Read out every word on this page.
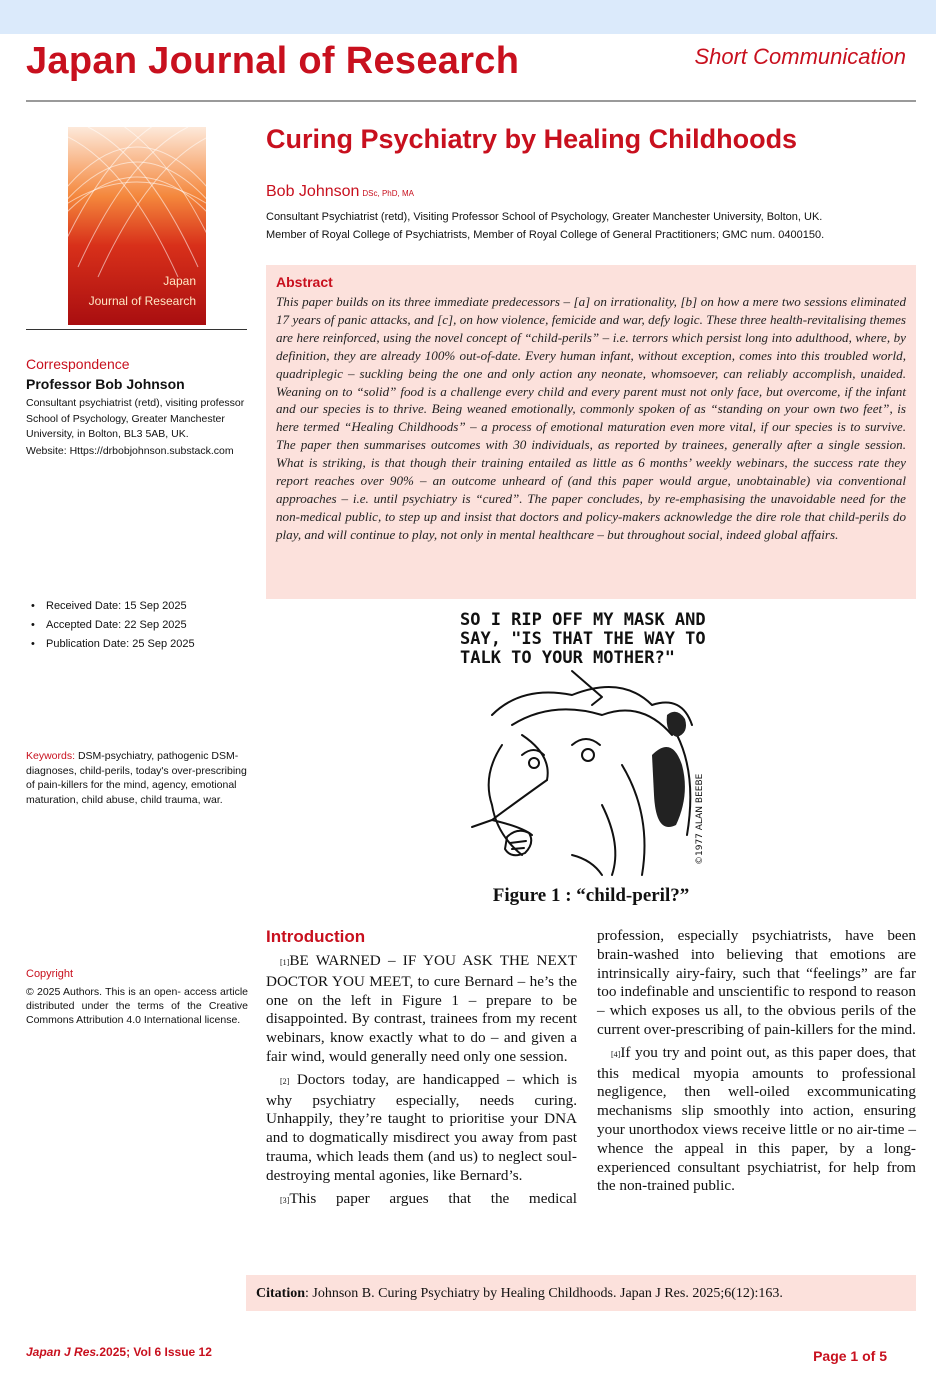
Japan Journal of Research	Short Communication
Japan
Journal of Research
Correspondence
Professor Bob Johnson

Consultant psychiatrist (retd), visiting professor School of Psychology, Greater Manchester University, in Bolton, BL3 5AB, UK.

Website: Https://drbobjohnson.substack.com

• Received Date: 15 Sep 2025
• Accepted Date: 22 Sep 2025
• Publication Date: 25 Sep 2025
Keywords: DSM-psychiatry, pathogenic DSM-diagnoses, child-perils, today's over-prescribing of pain-killers for the mind, agency, emotional maturation, child abuse, child trauma, war.
Copyright
© 2025 Authors. This is an open- access article distributed under the terms of the Creative Commons Attribution 4.0 International license.
Curing Psychiatry by Healing Childhoods
Bob Johnson DSc, PhD, MA
Consultant Psychiatrist (retd), Visiting Professor School of Psychology, Greater Manchester University, Bolton, UK.
Member of Royal College of Psychiatrists, Member of Royal College of General Practitioners; GMC num. 0400150.
Abstract

This paper builds on its three immediate predecessors – [a] on irrationality, [b] on how a mere two sessions eliminated 17 years of panic attacks, and [c], on how violence, femicide and war, defy logic. These three health-revitalising themes are here reinforced, using the novel concept of “child-perils” – i.e. terrors which persist long into adulthood, where, by definition, they are already 100% out-of-date. Every human infant, without exception, comes into this troubled world, quadriplegic – suckling being the one and only action any neonate, whomsoever, can reliably accomplish, unaided. Weaning on to “solid” food is a challenge every child and every parent must not only face, but overcome, if the infant and our species is to thrive. Being weaned emotionally, commonly spoken of as “standing on your own two feet”, is here termed “Healing Childhoods” – a process of emotional maturation even more vital, if our species is to survive. The paper then summarises outcomes with 30 individuals, as reported by trainees, generally after a single session. What is striking, is that though their training entailed as little as 6 months’ weekly webinars, the success rate they report reaches over 90% – an outcome unheard of (and this paper would argue, unobtainable) via conventional approaches – i.e. until psychiatry is “cured”. The paper concludes, by re-emphasising the unavoidable need for the non-medical public, to step up and insist that doctors and policy-makers acknowledge the dire role that child-perils do play, and will continue to play, not only in mental healthcare – but throughout social, indeed global affairs.

SO I RIP OFF MY MASK AND
SAY, "IS THAT THE WAY TO
TALK TO YOUR MOTHER?"
©1977 ALAN BEEBE
Figure 1 : “child-peril?”
Introduction

[1]BE WARNED – IF YOU ASK THE NEXT DOCTOR YOU MEET, to cure Bernard – he’s the one on the left in Figure 1 – prepare to be disappointed. By contrast, trainees from my recent webinars, know exactly what to do – and given a fair wind, would generally need only one session.

[2] Doctors today, are handicapped – which is why psychiatry especially, needs curing. Unhappily, they’re taught to prioritise your DNA and to dogmatically misdirect you away from past trauma, which leads them (and us) to neglect soul-destroying mental agonies, like Bernard’s.

[3]This paper argues that the medical

profession, especially psychiatrists, have been brain-washed into believing that emotions are intrinsically airy-fairy, such that “feelings” are far too indefinable and unscientific to respond to reason – which exposes us all, to the obvious perils of the current over-prescribing of pain-killers for the mind.

[4]If you try and point out, as this paper does, that this medical myopia amounts to professional negligence, then well-oiled excommunicating mechanisms slip smoothly into action, ensuring your unorthodox views receive little or no air-time – whence the appeal in this paper, by a long-experienced consultant psychiatrist, for help from the non-trained public.

Citation: Johnson B. Curing Psychiatry by Healing Childhoods. Japan J Res. 2025;6(12):163.
Japan J Res.2025; Vol 6 Issue 12	Page 1 of 5
